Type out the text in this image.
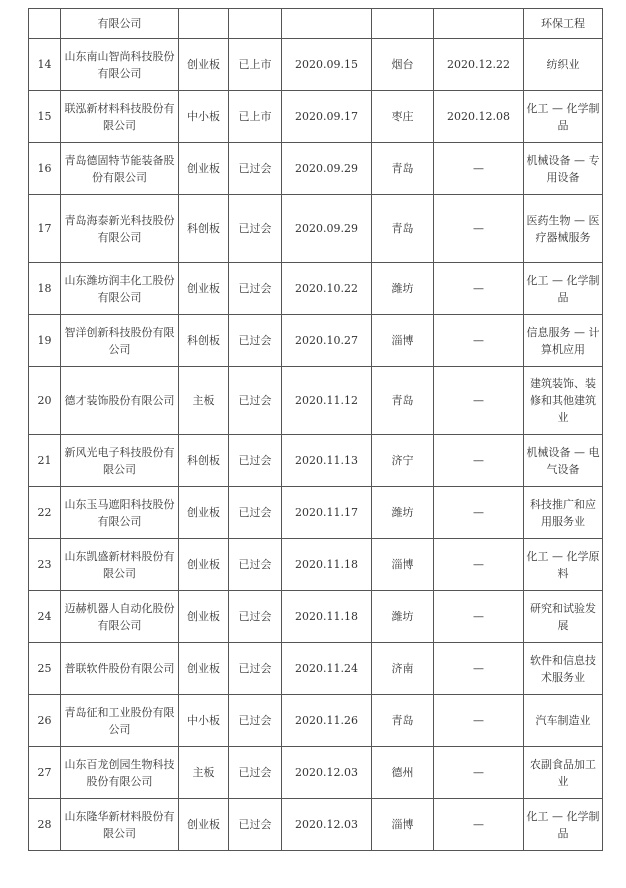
	有限公司						环保工程
14	山东南山智尚科技股份有限公司	创业板	已上市	2020.09.15	烟台	2020.12.22	纺织业
15	联泓新材料科技股份有限公司	中小板	已上市	2020.09.17	枣庄	2020.12.08	化工 — 化学制品
16	青岛德固特节能装备股份有限公司	创业板	已过会	2020.09.29	青岛	—	机械设备 — 专用设备
17	青岛海泰新光科技股份有限公司	科创板	已过会	2020.09.29	青岛	—	医药生物 — 医疗器械服务
18	山东潍坊润丰化工股份有限公司	创业板	已过会	2020.10.22	潍坊	—	化工 — 化学制品
19	智洋创新科技股份有限公司	科创板	已过会	2020.10.27	淄博	—	信息服务 — 计算机应用
20	德才装饰股份有限公司	主板	已过会	2020.11.12	青岛	—	建筑装饰、装修和其他建筑业
21	新风光电子科技股份有限公司	科创板	已过会	2020.11.13	济宁	—	机械设备 — 电气设备
22	山东玉马遮阳科技股份有限公司	创业板	已过会	2020.11.17	潍坊	—	科技推广和应用服务业
23	山东凯盛新材料股份有限公司	创业板	已过会	2020.11.18	淄博	—	化工 — 化学原料
24	迈赫机器人自动化股份有限公司	创业板	已过会	2020.11.18	潍坊	—	研究和试验发展
25	普联软件股份有限公司	创业板	已过会	2020.11.24	济南	—	软件和信息技术服务业
26	青岛征和工业股份有限公司	中小板	已过会	2020.11.26	青岛	—	汽车制造业
27	山东百龙创园生物科技股份有限公司	主板	已过会	2020.12.03	德州	—	农副食品加工业
28	山东隆华新材料股份有限公司	创业板	已过会	2020.12.03	淄博	—	化工 — 化学制品
